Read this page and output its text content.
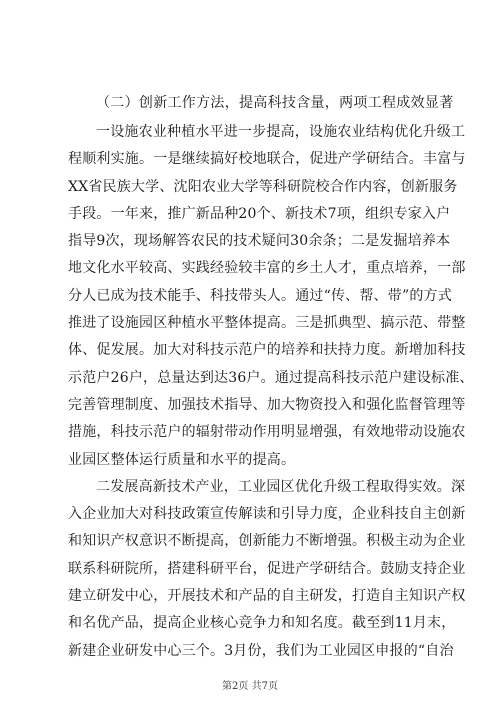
（二）创新工作方法，提高科技含量，两项工程成效显著
一设施农业种植水平进一步提高，设施农业结构优化升级工
程顺利实施。一是继续搞好校地联合，促进产学研结合。丰富与
XX省民族大学、沈阳农业大学等科研院校合作内容，创新服务
手段。一年来，推广新品种20个、新技术7项，组织专家入户
指导9次，现场解答农民的技术疑问30余条；二是发掘培养本
地文化水平较高、实践经验较丰富的乡土人才，重点培养，一部
分人已成为技术能手、科技带头人。通过“传、帮、带”的方式
推进了设施园区种植水平整体提高。三是抓典型、搞示范、带整
体、促发展。加大对科技示范户的培养和扶持力度。新增加科技
示范户26户，总量达到达36户。通过提高科技示范户建设标准、
完善管理制度、加强技术指导、加大物资投入和强化监督管理等
措施，科技示范户的辐射带动作用明显增强，有效地带动设施农
业园区整体运行质量和水平的提高。
二发展高新技术产业，工业园区优化升级工程取得实效。深
入企业加大对科技政策宣传解读和引导力度，企业科技自主创新
和知识产权意识不断提高，创新能力不断增强。积极主动为企业
联系科研院所，搭建科研平台，促进产学研结合。鼓励支持企业
建立研发中心，开展技术和产品的自主研发，打造自主知识产权
和名优产品，提高企业核心竞争力和知名度。截至到11月末，
新建企业研发中心三个。3月份，我们为工业园区申报的“自治
第2页 共7页
